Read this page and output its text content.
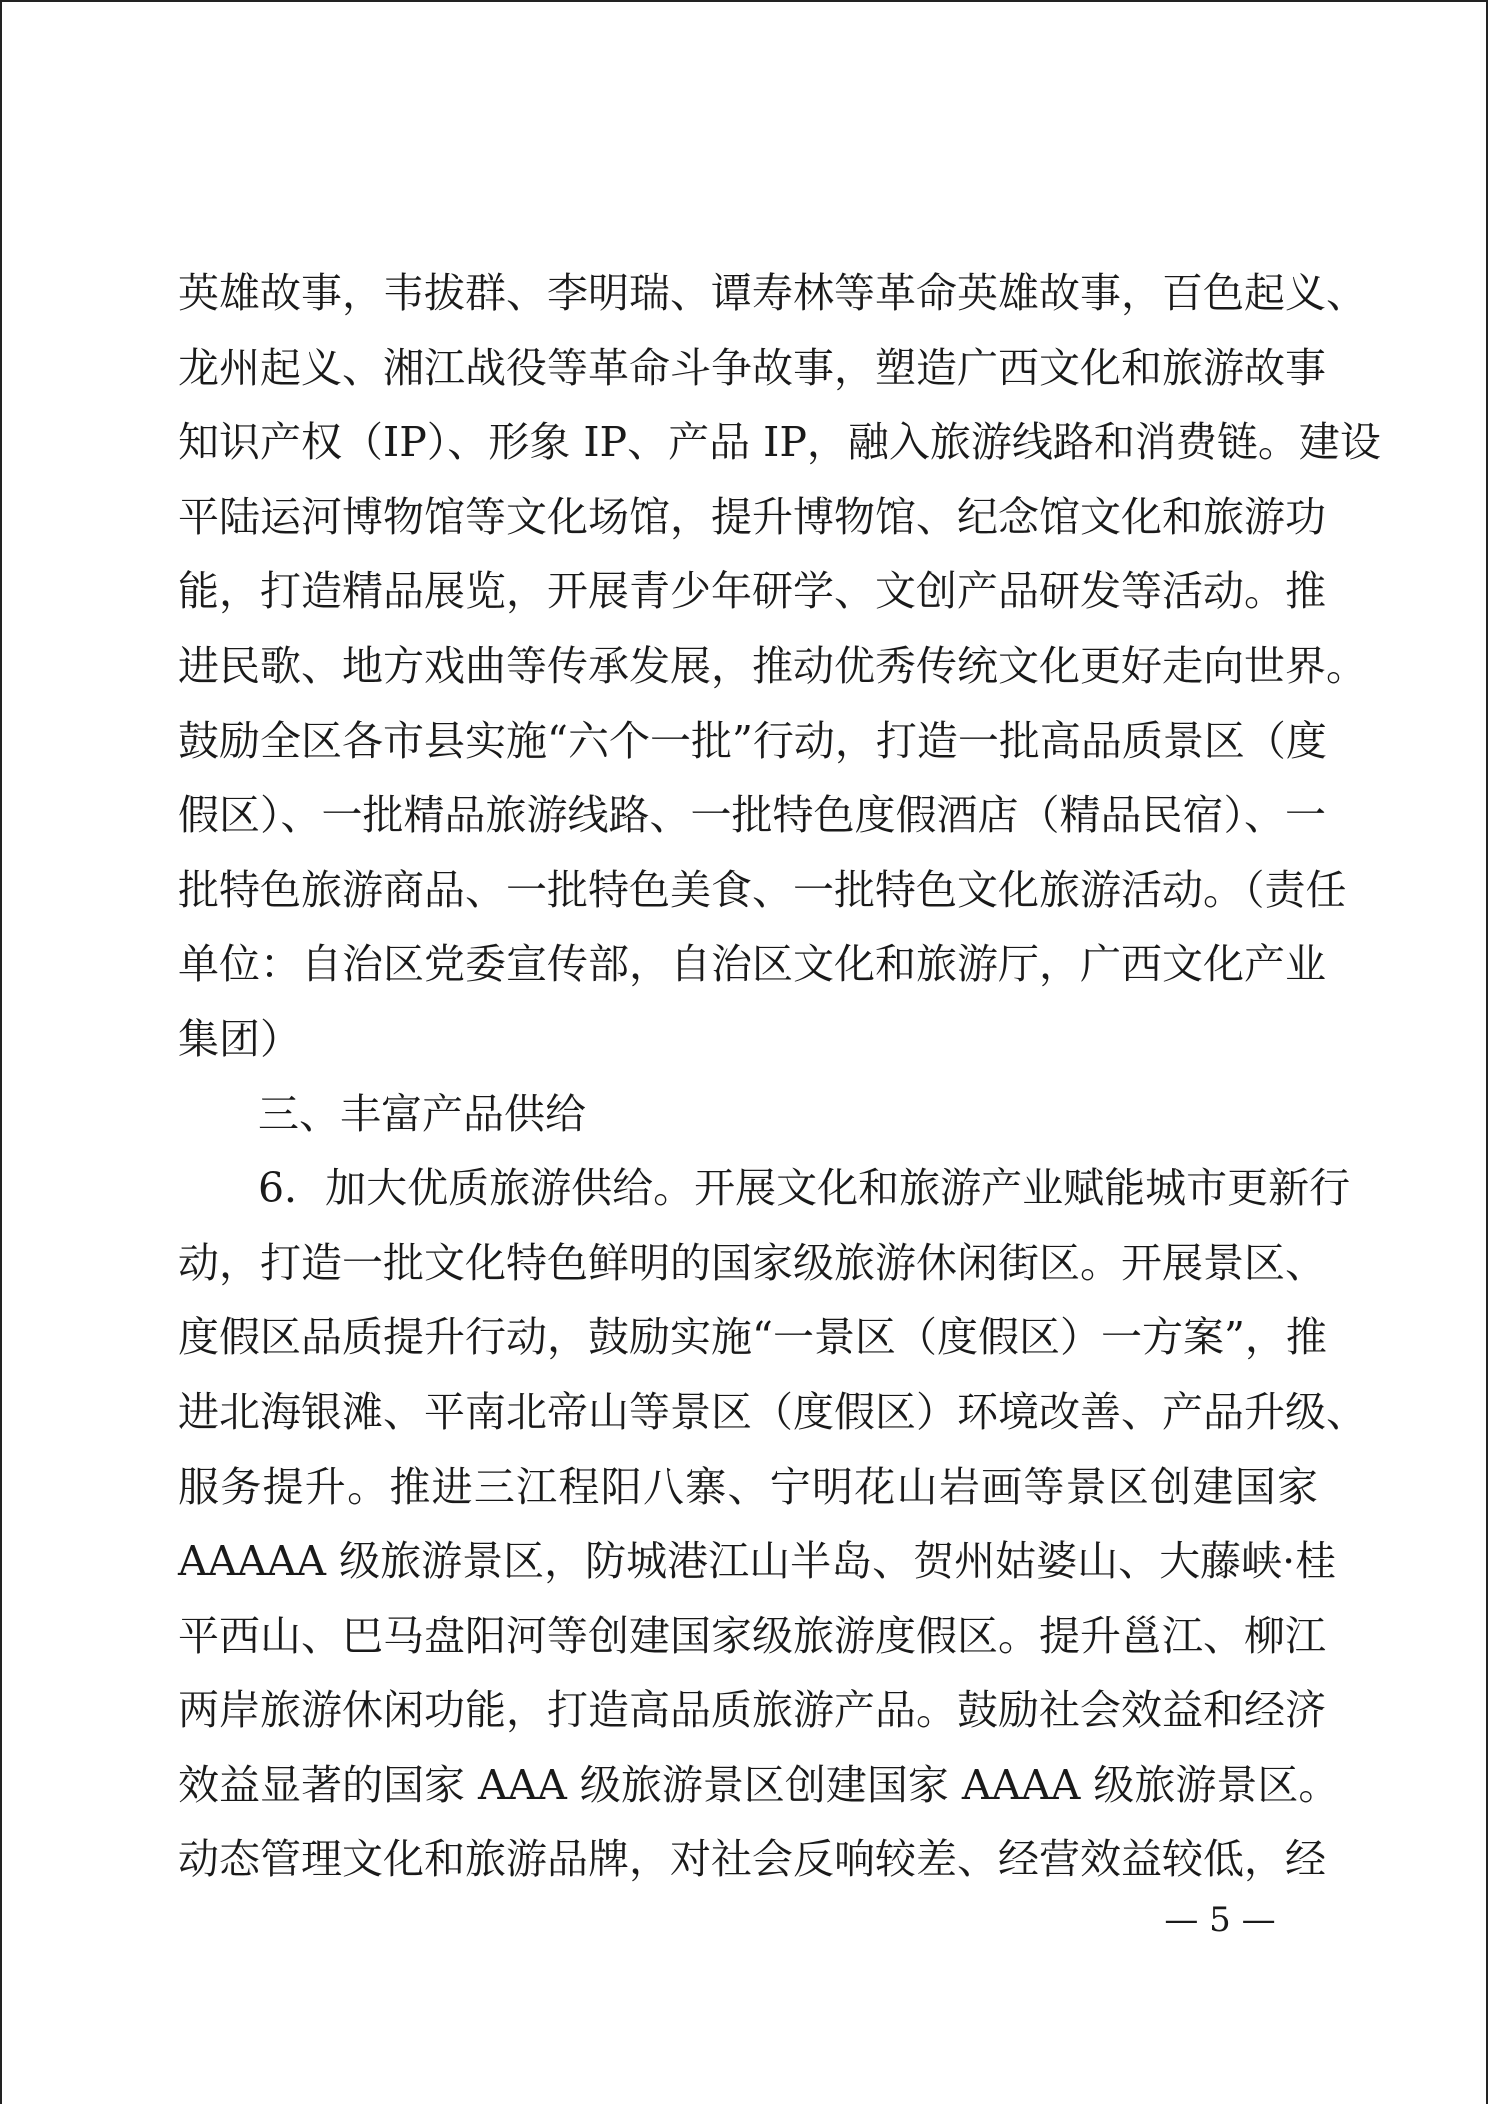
英雄故事，韦拔群、李明瑞、谭寿林等革命英雄故事，百色起义、
龙州起义、湘江战役等革命斗争故事，塑造广西文化和旅游故事
知识产权（IP）、形象 IP、产品 IP，融入旅游线路和消费链。建设
平陆运河博物馆等文化场馆，提升博物馆、纪念馆文化和旅游功
能，打造精品展览，开展青少年研学、文创产品研发等活动。推
进民歌、地方戏曲等传承发展，推动优秀传统文化更好走向世界。
鼓励全区各市县实施“六个一批”行动，打造一批高品质景区（度
假区）、一批精品旅游线路、一批特色度假酒店（精品民宿）、一
批特色旅游商品、一批特色美食、一批特色文化旅游活动。（责任
单位：自治区党委宣传部，自治区文化和旅游厅，广西文化产业
集团）
三、丰富产品供给
6．加大优质旅游供给。开展文化和旅游产业赋能城市更新行
动，打造一批文化特色鲜明的国家级旅游休闲街区。开展景区、
度假区品质提升行动，鼓励实施“一景区（度假区）一方案”，推
进北海银滩、平南北帝山等景区（度假区）环境改善、产品升级、
服务提升。推进三江程阳八寨、宁明花山岩画等景区创建国家
AAAAA 级旅游景区，防城港江山半岛、贺州姑婆山、大藤峡·桂
平西山、巴马盘阳河等创建国家级旅游度假区。提升邕江、柳江
两岸旅游休闲功能，打造高品质旅游产品。鼓励社会效益和经济
效益显著的国家 AAA 级旅游景区创建国家 AAAA 级旅游景区。
动态管理文化和旅游品牌，对社会反响较差、经营效益较低，经
— 5 —
